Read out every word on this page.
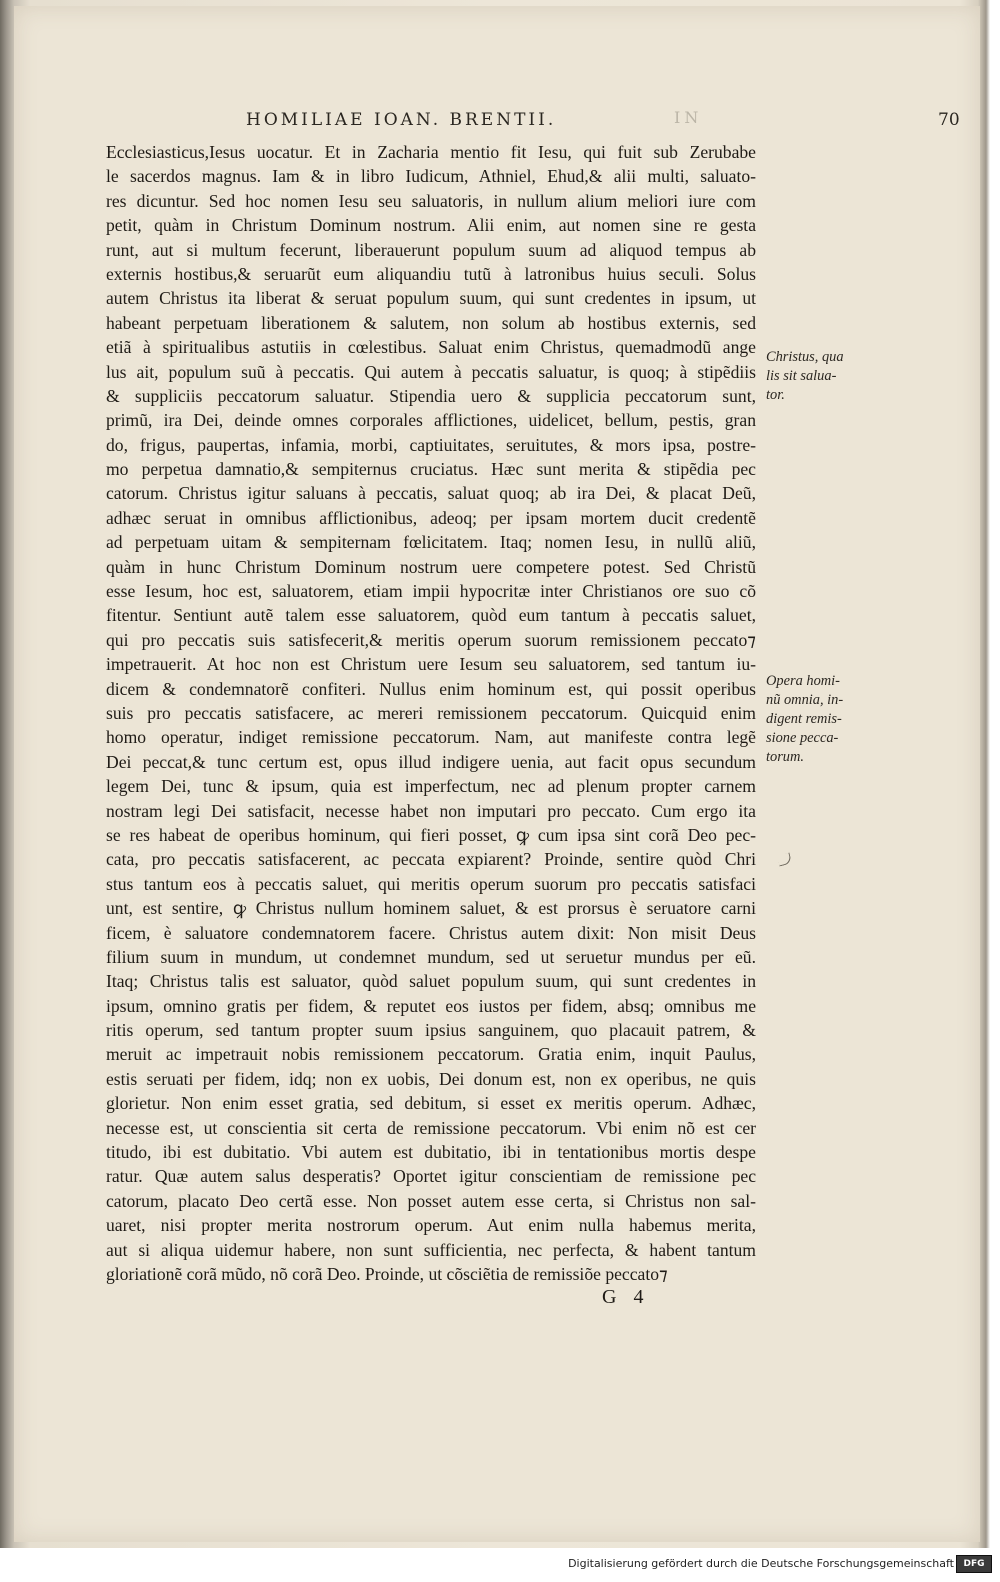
HOMILIAE IOAN. BRENTII.	IN	70
Ecclesiasticus,Iesus uocatur. Et in Zacharia mentio fit Iesu, qui fuit sub Zerubabe
le sacerdos magnus. Iam & in libro Iudicum, Athniel, Ehud,& alii multi, saluato-
res dicuntur. Sed hoc nomen Iesu seu saluatoris, in nullum alium meliori iure com
petit, quàm in Christum Dominum nostrum. Alii enim, aut nomen sine re gesta
runt, aut si multum fecerunt, liberauerunt populum suum ad aliquod tempus ab
externis hostibus,& seruarũt eum aliquandiu tutũ à latronibus huius seculi. Solus
autem Christus ita liberat & seruat populum suum, qui sunt credentes in ipsum, ut
habeant perpetuam liberationem & salutem, non solum ab hostibus externis, sed
etiã à spiritualibus astutiis in cœlestibus. Saluat enim Christus, quemadmodũ ange
lus ait, populum suũ à peccatis. Qui autem à peccatis saluatur, is quoq; à stipẽdiis
& suppliciis peccatorum saluatur. Stipendia uero & supplicia peccatorum sunt,
primũ, ira Dei, deinde omnes corporales afflictiones, uidelicet, bellum, pestis, gran
do, frigus, paupertas, infamia, morbi, captiuitates, seruitutes, & mors ipsa, postre-
mo perpetua damnatio,& sempiternus cruciatus. Hæc sunt merita & stipẽdia pec
catorum. Christus igitur saluans à peccatis, saluat quoq; ab ira Dei, & placat Deũ,
adhæc seruat in omnibus afflictionibus, adeoq; per ipsam mortem ducit credentẽ
ad perpetuam uitam & sempiternam fœlicitatem. Itaq; nomen Iesu, in nullũ aliũ,
quàm in hunc Christum Dominum nostrum uere competere potest. Sed Christũ
esse Iesum, hoc est, saluatorem, etiam impii hypocritæ inter Christianos ore suo cõ
fitentur. Sentiunt autẽ talem esse saluatorem, quòd eum tantum à peccatis saluet,
qui pro peccatis suis satisfecerit,& meritis operum suorum remissionem peccato⁊
impetrauerit. At hoc non est Christum uere Iesum seu saluatorem, sed tantum iu-
dicem & condemnatorẽ confiteri. Nullus enim hominum est, qui possit operibus
suis pro peccatis satisfacere, ac mereri remissionem peccatorum. Quicquid enim
homo operatur, indiget remissione peccatorum. Nam, aut manifeste contra legẽ
Dei peccat,& tunc certum est, opus illud indigere uenia, aut facit opus secundum
legem Dei, tunc & ipsum, quia est imperfectum, nec ad plenum propter carnem
nostram legi Dei satisfacit, necesse habet non imputari pro peccato. Cum ergo ita
se res habeat de operibus hominum, qui fieri posset, ꝙ cum ipsa sint corã Deo pec-
cata, pro peccatis satisfacerent, ac peccata expiarent? Proinde, sentire quòd Chri
stus tantum eos à peccatis saluet, qui meritis operum suorum pro peccatis satisfaci
unt, est sentire, ꝙ Christus nullum hominem saluet, & est prorsus è seruatore carni
ficem, è saluatore condemnatorem facere. Christus autem dixit: Non misit Deus
filium suum in mundum, ut condemnet mundum, sed ut seruetur mundus per eũ.
Itaq; Christus talis est saluator, quòd saluet populum suum, qui sunt credentes in
ipsum, omnino gratis per fidem, & reputet eos iustos per fidem, absq; omnibus me
ritis operum, sed tantum propter suum ipsius sanguinem, quo placauit patrem, &
meruit ac impetrauit nobis remissionem peccatorum. Gratia enim, inquit Paulus,
estis seruati per fidem, idq; non ex uobis, Dei donum est, non ex operibus, ne quis
glorietur. Non enim esset gratia, sed debitum, si esset ex meritis operum. Adhæc,
necesse est, ut conscientia sit certa de remissione peccatorum. Vbi enim nõ est cer
titudo, ibi est dubitatio. Vbi autem est dubitatio, ibi in tentationibus mortis despe
ratur. Quæ autem salus desperatis? Oportet igitur conscientiam de remissione pec
catorum, placato Deo certã esse. Non posset autem esse certa, si Christus non sal-
uaret, nisi propter merita nostrorum operum. Aut enim nulla habemus merita,
aut si aliqua uidemur habere, non sunt sufficientia, nec perfecta, & habent tantum
gloriationẽ corã mũdo, nõ corã Deo. Proinde, ut cõsciẽtia de remissiõe peccato⁊
Christus, qua
lis sit salua-
tor.
Opera homi-
nũ omnia, in-
digent remis-
sione pecca-
torum.
G 4
Digitalisierung gefördert durch die Deutsche Forschungsgemeinschaft	DFG
